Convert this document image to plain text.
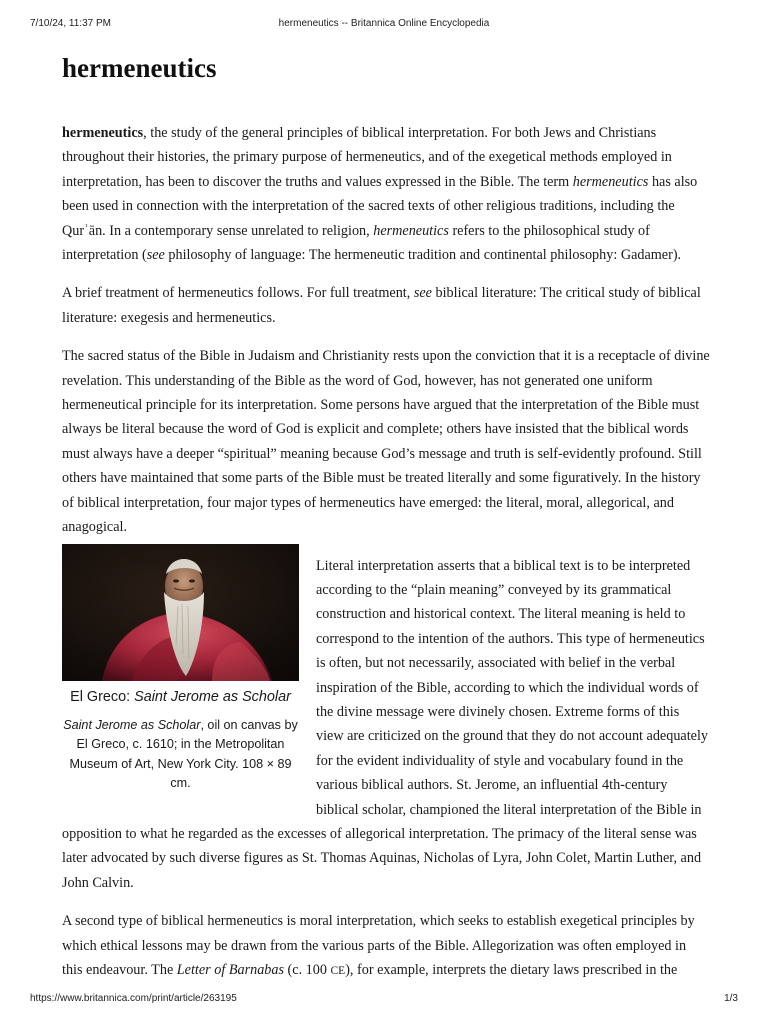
7/10/24, 11:37 PM	hermeneutics -- Britannica Online Encyclopedia
hermeneutics

hermeneutics, the study of the general principles of biblical interpretation. For both Jews and Christians throughout their histories, the primary purpose of hermeneutics, and of the exegetical methods employed in interpretation, has been to discover the truths and values expressed in the Bible. The term hermeneutics has also been used in connection with the interpretation of the sacred texts of other religious traditions, including the Qurʾān. In a contemporary sense unrelated to religion, hermeneutics refers to the philosophical study of interpretation (see philosophy of language: The hermeneutic tradition and continental philosophy: Gadamer).

A brief treatment of hermeneutics follows. For full treatment, see biblical literature: The critical study of biblical literature: exegesis and hermeneutics.

The sacred status of the Bible in Judaism and Christianity rests upon the conviction that it is a receptacle of divine revelation. This understanding of the Bible as the word of God, however, has not generated one uniform hermeneutical principle for its interpretation. Some persons have argued that the interpretation of the Bible must always be literal because the word of God is explicit and complete; others have insisted that the biblical words must always have a deeper “spiritual” meaning because God’s message and truth is self-evidently profound. Still others have maintained that some parts of the Bible must be treated literally and some figuratively. In the history of biblical interpretation, four major types of hermeneutics have emerged: the literal, moral, allegorical, and anagogical.

El Greco: Saint Jerome as Scholar
Saint Jerome as Scholar, oil on canvas by El Greco, c. 1610; in the Metropolitan Museum of Art, New York City. 108 × 89 cm.

Literal interpretation asserts that a biblical text is to be interpreted according to the “plain meaning” conveyed by its grammatical construction and historical context. The literal meaning is held to correspond to the intention of the authors. This type of hermeneutics is often, but not necessarily, associated with belief in the verbal inspiration of the Bible, according to which the individual words of the divine message were divinely chosen. Extreme forms of this view are criticized on the ground that they do not account adequately for the evident individuality of style and vocabulary found in the various biblical authors. St. Jerome, an influential 4th-century biblical scholar, championed the literal interpretation of the Bible in opposition to what he regarded as the excesses of allegorical interpretation. The primacy of the literal sense was later advocated by such diverse figures as St. Thomas Aquinas, Nicholas of Lyra, John Colet, Martin Luther, and John Calvin.

A second type of biblical hermeneutics is moral interpretation, which seeks to establish exegetical principles by which ethical lessons may be drawn from the various parts of the Bible. Allegorization was often employed in this endeavour. The Letter of Barnabas (c. 100 CE), for example, interprets the dietary laws prescribed in the

https://www.britannica.com/print/article/263195	1/3
